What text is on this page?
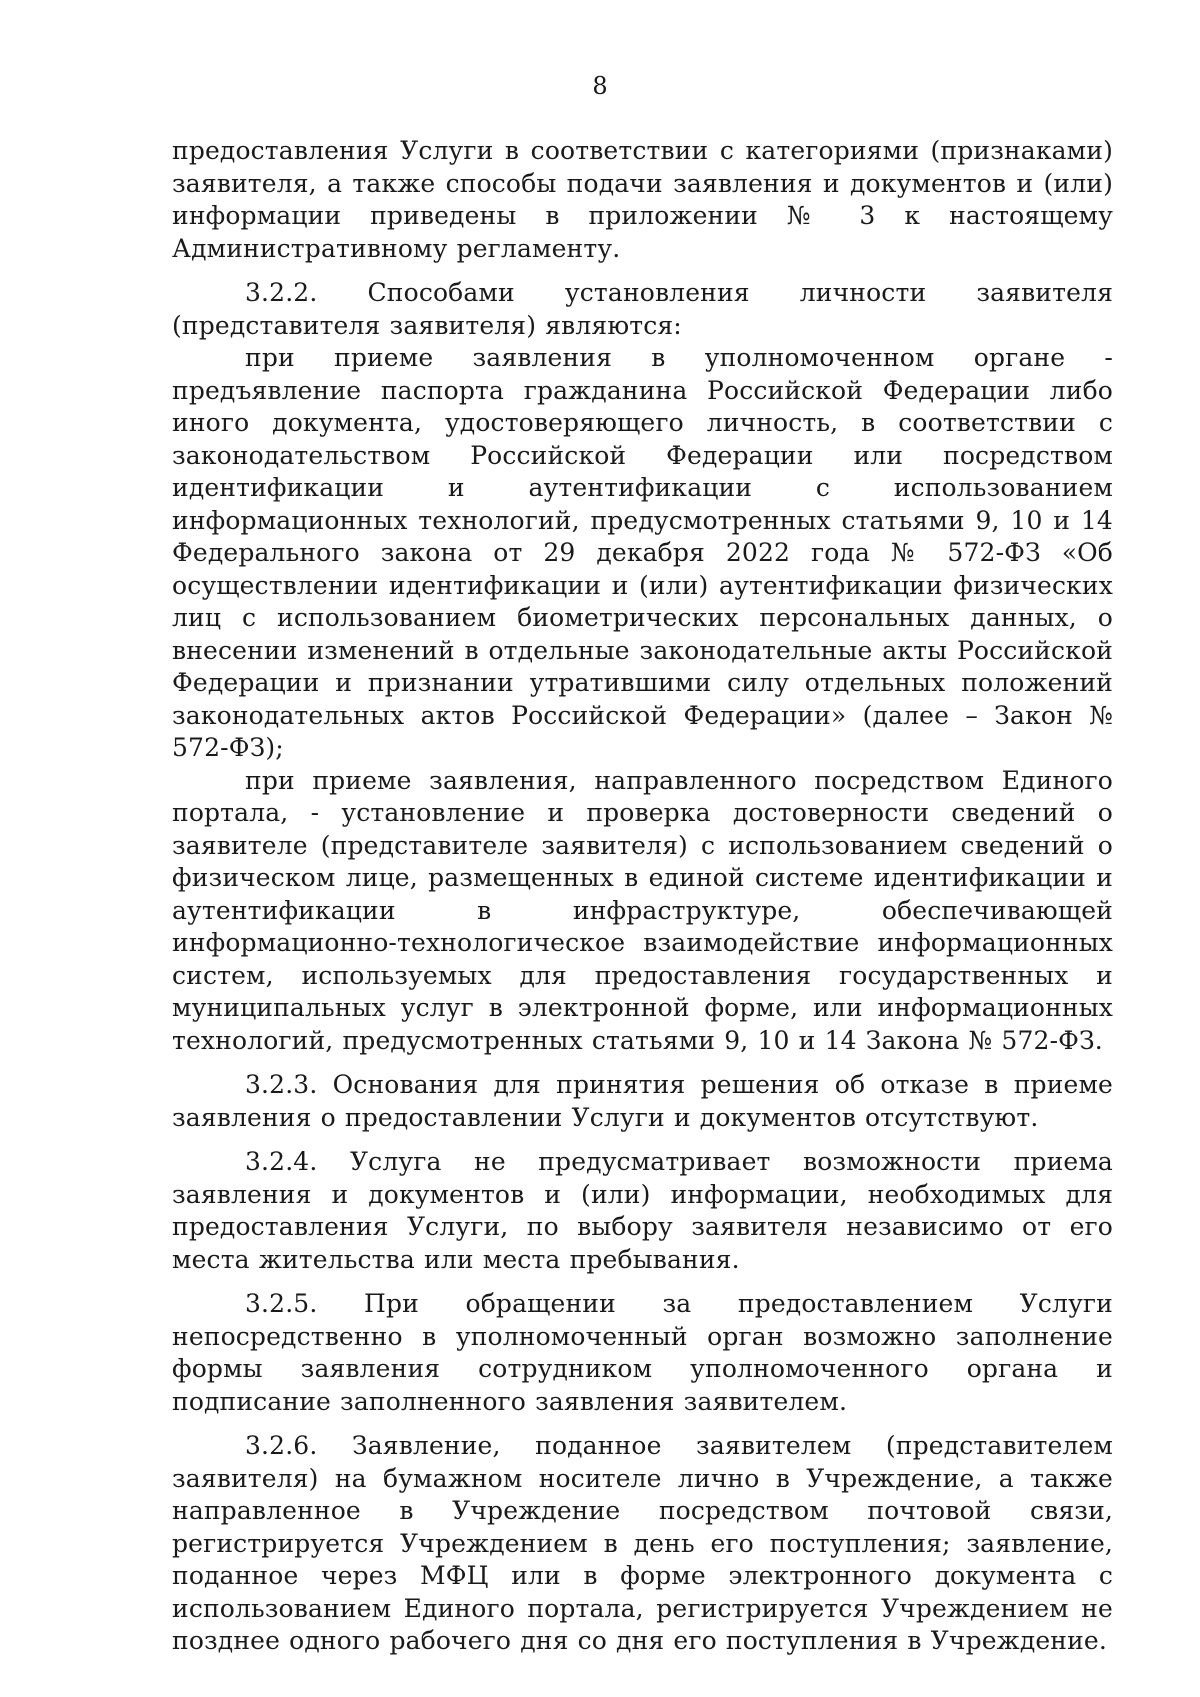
8

предоставления Услуги в соответствии с категориями (признаками) заявителя, а также способы подачи заявления и документов и (или) информации приведены в приложении № 3 к настоящему Административному регламенту.

3.2.2. Способами установления личности заявителя (представителя заявителя) являются:

при приеме заявления в уполномоченном органе - предъявление паспорта гражданина Российской Федерации либо иного документа, удостоверяющего личность, в соответствии с законодательством Российской Федерации или посредством идентификации и аутентификации с использованием информационных технологий, предусмотренных статьями 9, 10 и 14 Федерального закона от 29 декабря 2022 года № 572-ФЗ «Об осуществлении идентификации и (или) аутентификации физических лиц с использованием биометрических персональных данных, о внесении изменений в отдельные законодательные акты Российской Федерации и признании утратившими силу отдельных положений законодательных актов Российской Федерации» (далее – Закон № 572-ФЗ);

при приеме заявления, направленного посредством Единого портала, - установление и проверка достоверности сведений о заявителе (представителе заявителя) с использованием сведений о физическом лице, размещенных в единой системе идентификации и аутентификации в инфраструктуре, обеспечивающей информационно-технологическое взаимодействие информационных систем, используемых для предоставления государственных и муниципальных услуг в электронной форме, или информационных технологий, предусмотренных статьями 9, 10 и 14 Закона № 572-ФЗ.

3.2.3. Основания для принятия решения об отказе в приеме заявления о предоставлении Услуги и документов отсутствуют.

3.2.4. Услуга не предусматривает возможности приема заявления и документов и (или) информации, необходимых для предоставления Услуги, по выбору заявителя независимо от его места жительства или места пребывания.

3.2.5. При обращении за предоставлением Услуги непосредственно в уполномоченный орган возможно заполнение формы заявления сотрудником уполномоченного органа и подписание заполненного заявления заявителем.

3.2.6. Заявление, поданное заявителем (представителем заявителя) на бумажном носителе лично в Учреждение, а также направленное в Учреждение посредством почтовой связи, регистрируется Учреждением в день его поступления; заявление, поданное через МФЦ или в форме электронного документа с использованием Единого портала, регистрируется Учреждением не позднее одного рабочего дня со дня его поступления в Учреждение.
